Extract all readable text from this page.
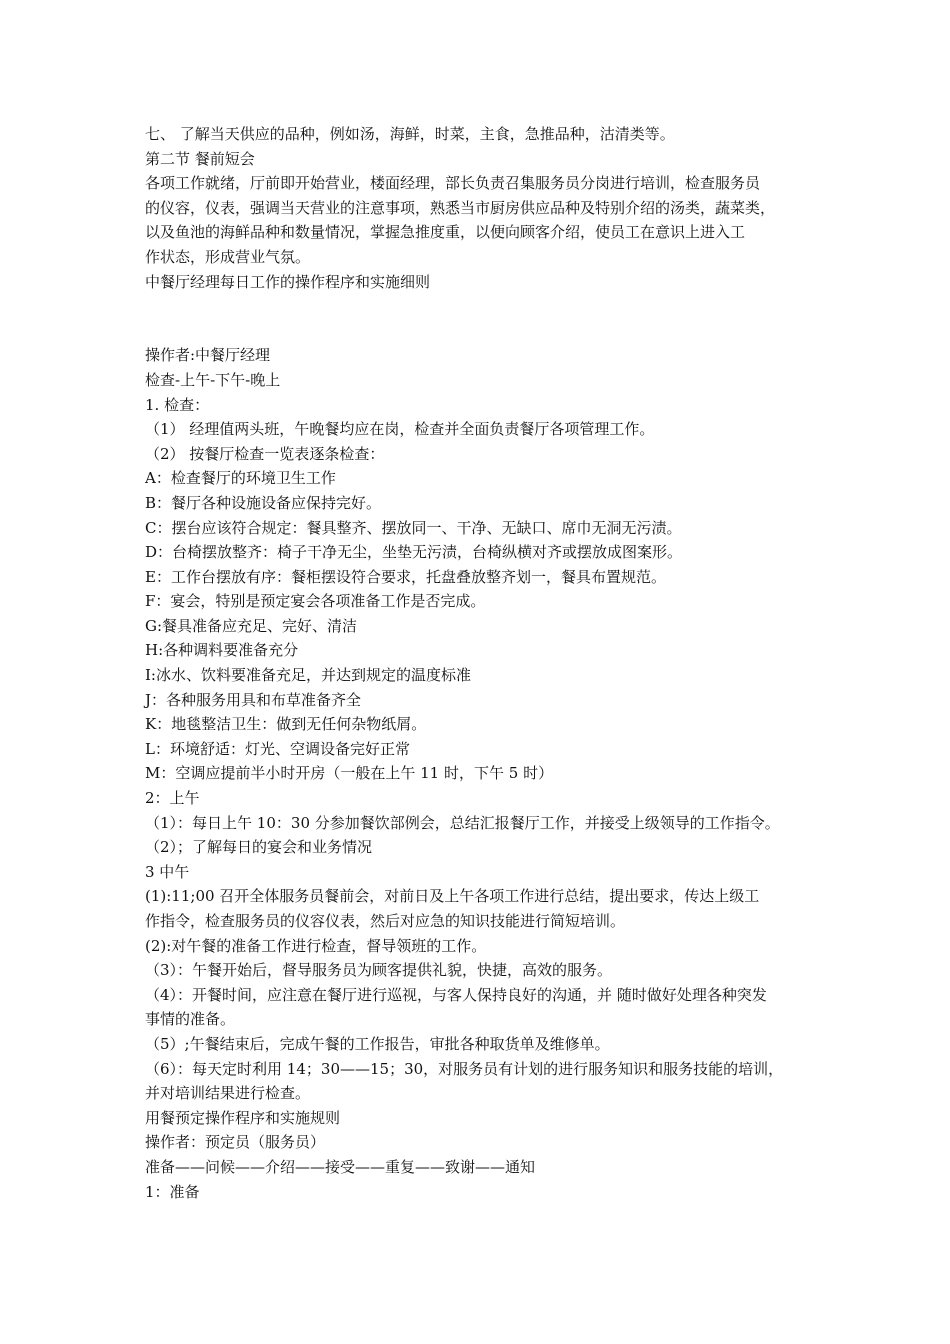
七、 了解当天供应的品种，例如汤，海鲜，时菜，主食，急推品种，沽清类等。
第二节 餐前短会
各项工作就绪，厅前即开始营业，楼面经理，部长负责召集服务员分岗进行培训，检查服务员
的仪容，仪表，强调当天营业的注意事项，熟悉当市厨房供应品种及特别介绍的汤类，蔬菜类，
以及鱼池的海鲜品种和数量情况，掌握急推度重，以便向顾客介绍，使员工在意识上进入工
作状态，形成营业气氛。
中餐厅经理每日工作的操作程序和实施细则
操作者:中餐厅经理
检查-上午-下午-晚上
1. 检查：
（1） 经理值两头班，午晚餐均应在岗，检查并全面负责餐厅各项管理工作。
（2） 按餐厅检查一览表逐条检查：
A：检查餐厅的环境卫生工作
B：餐厅各种设施设备应保持完好。
C：摆台应该符合规定：餐具整齐、摆放同一、干净、无缺口、席巾无洞无污渍。
D：台椅摆放整齐：椅子干净无尘，坐垫无污渍，台椅纵横对齐或摆放成图案形。
E：工作台摆放有序：餐柜摆设符合要求，托盘叠放整齐划一，餐具布置规范。
F：宴会，特别是预定宴会各项准备工作是否完成。
G:餐具准备应充足、完好、清洁
H:各种调料要准备充分
I:冰水、饮料要准备充足，并达到规定的温度标准
J：各种服务用具和布草准备齐全
K：地毯整洁卫生：做到无任何杂物纸屑。
L：环境舒适：灯光、空调设备完好正常
M：空调应提前半小时开房（一般在上午 11 时，下午 5 时）
2：上午
（1）：每日上午 10：30 分参加餐饮部例会，总结汇报餐厅工作，并接受上级领导的工作指令。
（2）；了解每日的宴会和业务情况
3 中午
(1):11;00 召开全体服务员餐前会，对前日及上午各项工作进行总结，提出要求，传达上级工
作指令，检查服务员的仪容仪表，然后对应急的知识技能进行简短培训。
(2):对午餐的准备工作进行检查，督导领班的工作。
（3）：午餐开始后，督导服务员为顾客提供礼貌，快捷，高效的服务。
（4）：开餐时间，应注意在餐厅进行巡视，与客人保持良好的沟通，并 随时做好处理各种突发
事情的准备。
（5）;午餐结束后，完成午餐的工作报告，审批各种取货单及维修单。
（6）：每天定时利用 14；30——15；30，对服务员有计划的进行服务知识和服务技能的培训，
并对培训结果进行检查。
用餐预定操作程序和实施规则
操作者：预定员（服务员）
准备——问候——介绍——接受——重复——致谢——通知
1：准备
